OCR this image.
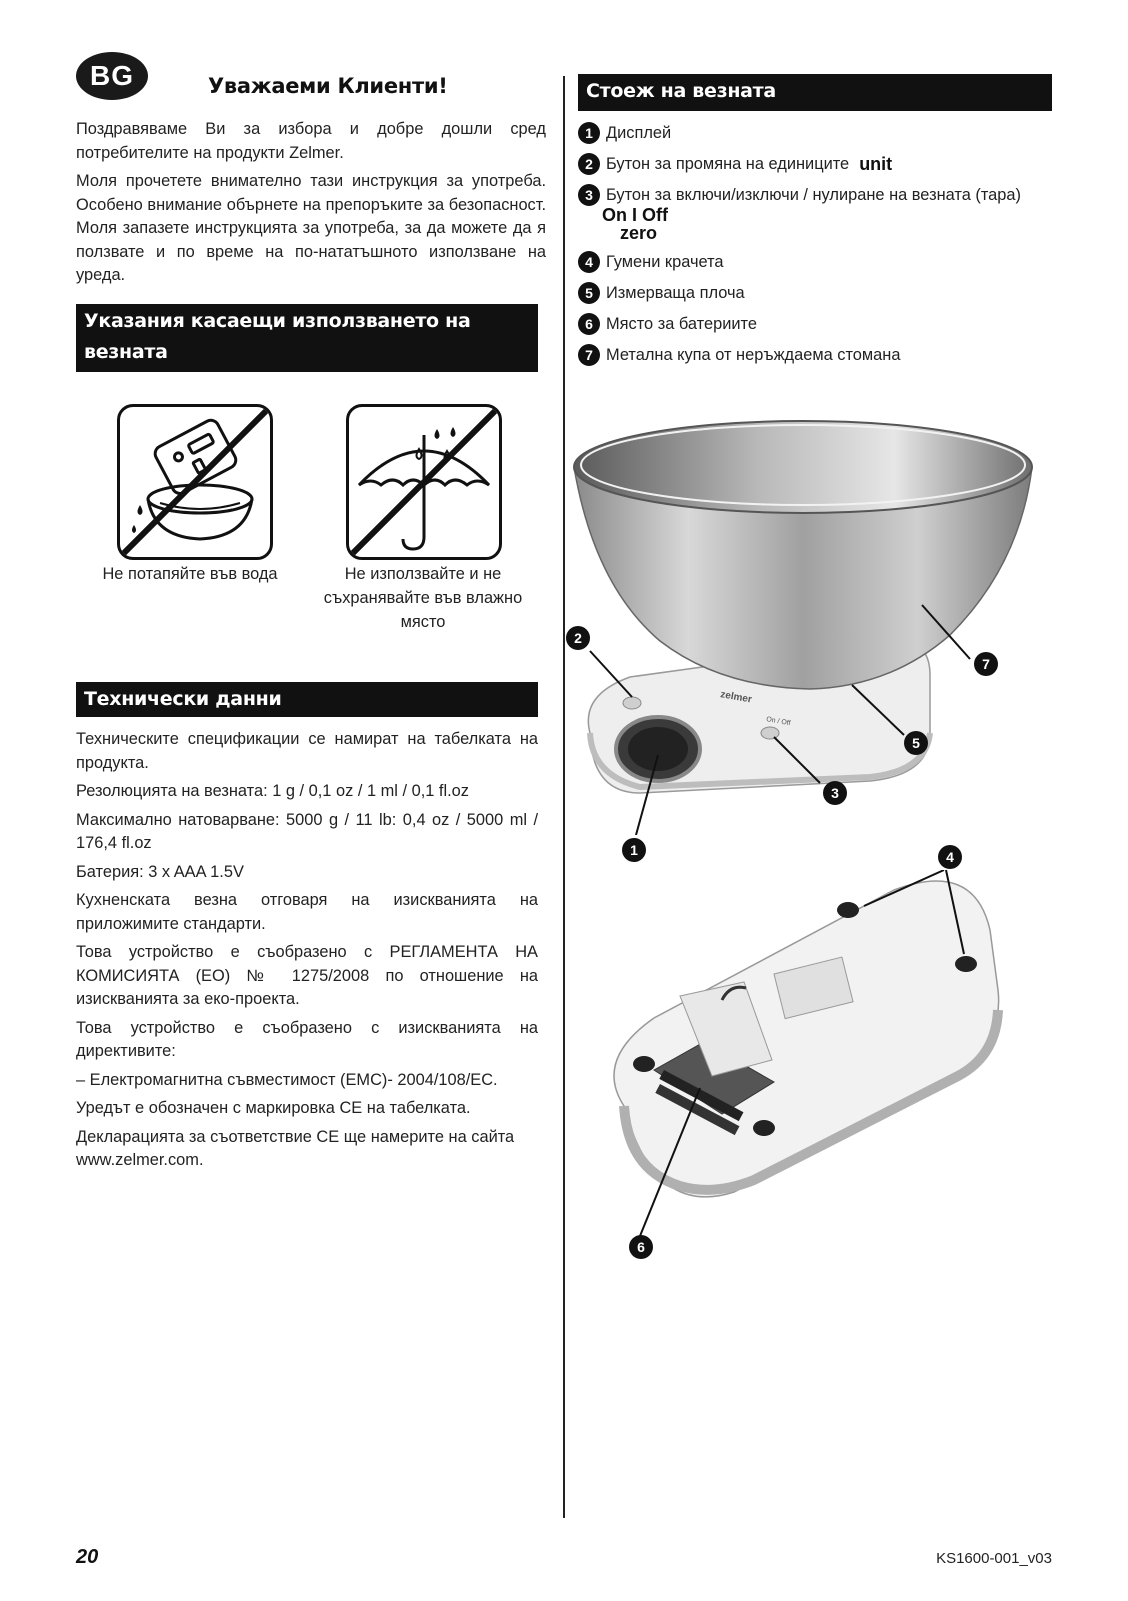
BG	Уважаеми Клиенти!

Поздравяваме Ви за избора и добре дошли сред потребителите на продукти Zelmer.

Моля прочетете внимателно тази инструкция за употреба. Особено внимание обърнете на препоръките за безопасност. Моля запазете инструкцията за употреба, за да можете да я ползвате и по време на по-нататъшното използване на уреда.

Указания касаещи използването на везната
Не потапяйте във вода	Не използвайте и не съхранявайте във влажно място
Технически данни

Техническите спецификации се намират на табелката на продукта.

Резолюцията на везната: 1 g / 0,1 oz / 1 ml / 0,1 fl.oz

Максимално натоварване: 5000 g / 11 lb: 0,4 oz / 5000 ml / 176,4 fl.oz

Батерия: 3 x AAA 1.5V

Кухненската везна отговаря на изискванията на приложимите стандарти.

Това устройство е съобразено с РЕГЛАМЕНТА НА КОМИСИЯТА (ЕО) № 1275/2008 по отношение на изискванията за еко-проекта.

Това устройство е съобразено с изискванията на директивите:

– Електромагнитна съвместимост (ЕМС)- 2004/108/ЕС.

Уредът е обозначен с маркировка СЕ на табелката.

Декларацията за съответствие СЕ ще намерите на сайта www.zelmer.com.

Стоеж на везната
1 Дисплей
2 Бутон за промяна на единиците unit
3 Бутон за включи/изключи / нулиране на везната (тара)
On I Off
zero
4 Гумени крачета
5 Измерваща плоча
6 Място за батериите
7 Метална купа от неръждаема стомана
zelmer
On / Off
2
7
5
3
1	4
6
20	KS1600-001_v03
